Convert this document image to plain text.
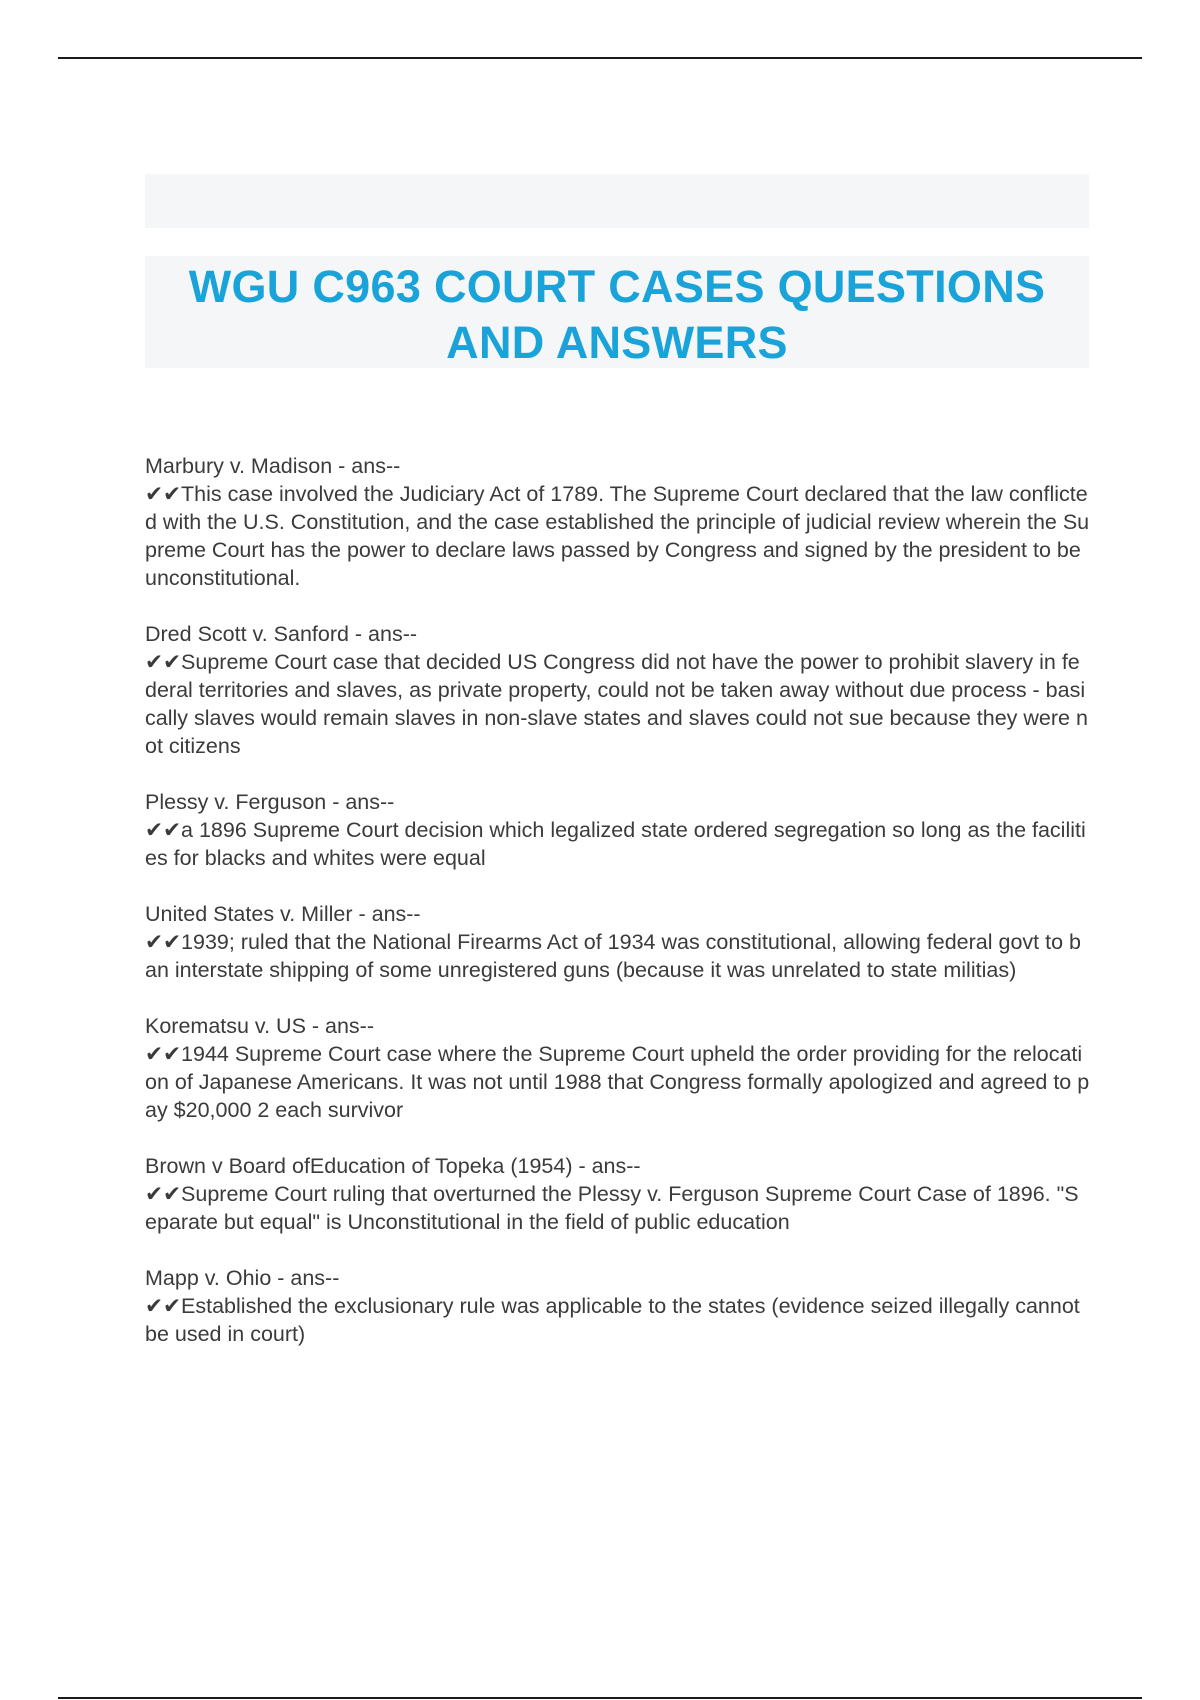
WGU C963 COURT CASES QUESTIONS AND ANSWERS
Marbury v. Madison - ans--
✔✔This case involved the Judiciary Act of 1789. The Supreme Court declared that the law conflicted with the U.S. Constitution, and the case established the principle of judicial review wherein the Supreme Court has the power to declare laws passed by Congress and signed by the president to be unconstitutional.
Dred Scott v. Sanford - ans--
✔✔Supreme Court case that decided US Congress did not have the power to prohibit slavery in federal territories and slaves, as private property, could not be taken away without due process - basically slaves would remain slaves in non-slave states and slaves could not sue because they were not citizens
Plessy v. Ferguson - ans--
✔✔a 1896 Supreme Court decision which legalized state ordered segregation so long as the facilities for blacks and whites were equal
United States v. Miller - ans--
✔✔1939; ruled that the National Firearms Act of 1934 was constitutional, allowing federal govt to ban interstate shipping of some unregistered guns (because it was unrelated to state militias)
Korematsu v. US - ans--
✔✔1944 Supreme Court case where the Supreme Court upheld the order providing for the relocation of Japanese Americans. It was not until 1988 that Congress formally apologized and agreed to pay $20,000 2 each survivor
Brown v Board ofEducation of Topeka (1954) - ans--
✔✔Supreme Court ruling that overturned the Plessy v. Ferguson Supreme Court Case of 1896. "Separate but equal" is Unconstitutional in the field of public education
Mapp v. Ohio - ans--
✔✔Established the exclusionary rule was applicable to the states (evidence seized illegally cannot be used in court)
